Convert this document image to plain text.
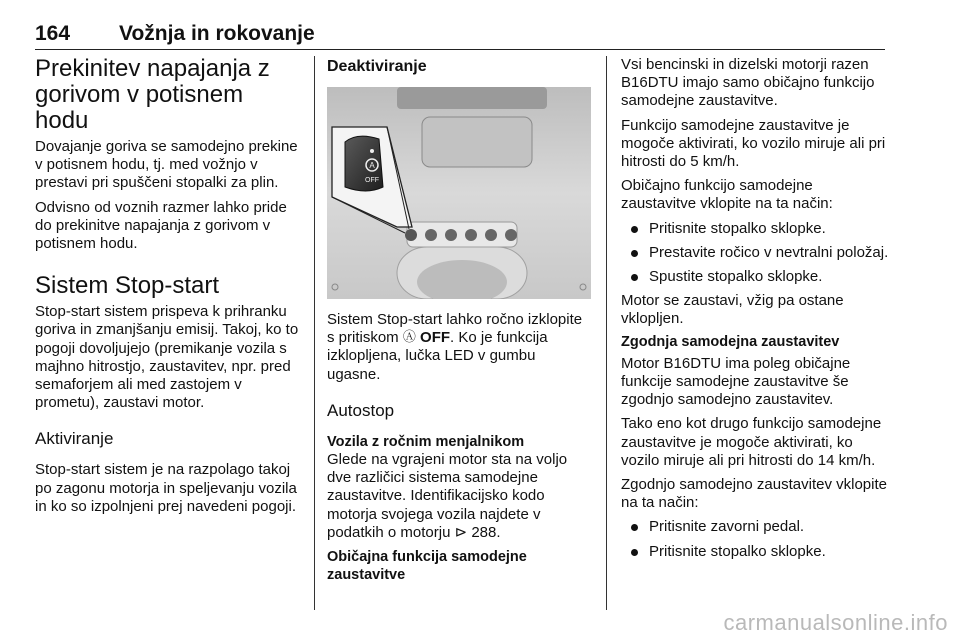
164 Vožnja in rokovanje
Prekinitev napajanja z gorivom v potisnem hodu

Dovajanje goriva se samodejno prekine v potisnem hodu, tj. med vožnjo v prestavi pri spuščeni stopalki za plin.

Odvisno od voznih razmer lahko pride do prekinitve napajanja z gorivom v potisnem hodu.

Sistem Stop-start

Stop-start sistem prispeva k prihranku goriva in zmanjšanju emisij. Takoj, ko to pogoji dovoljujejo (premikanje vozila s majhno hitrostjo, zaustavitev, npr. pred semaforjem ali med zastojem v prometu), zaustavi motor.

Aktiviranje

Stop-start sistem je na razpolago takoj po zagonu motorja in speljevanju vozila in ko so izpolnjeni prej navedeni pogoji.

Deaktiviranje
A
OFF

Sistem Stop-start lahko ročno izklopite s pritiskom Ⓐ OFF. Ko je funkcija izklopljena, lučka LED v gumbu ugasne.

Autostop

Vozila z ročnim menjalnikom

Glede na vgrajeni motor sta na voljo dve različici sistema samodejne zaustavitve. Identifikacijsko kodo motorja svojega vozila najdete v podatkih o motorju ⊳ 288.

Običajna funkcija samodejne zaustavitve

Vsi bencinski in dizelski motorji razen B16DTU imajo samo običajno funkcijo samodejne zaustavitve.

Funkcijo samodejne zaustavitve je mogoče aktivirati, ko vozilo miruje ali pri hitrosti do 5 km/h.

Običajno funkcijo samodejne zaustavitve vklopite na ta način:

Pritisnite stopalko sklopke.
Prestavite ročico v nevtralni položaj.
Spustite stopalko sklopke.

Motor se zaustavi, vžig pa ostane vklopljen.

Zgodnja samodejna zaustavitev

Motor B16DTU ima poleg običajne funkcije samodejne zaustavitve še zgodnjo samodejno zaustavitev.

Tako eno kot drugo funkcijo samodejne zaustavitve je mogoče aktivirati, ko vozilo miruje ali pri hitrosti do 14 km/h.

Zgodnjo samodejno zaustavitev vklopite na ta način:

Pritisnite zavorni pedal.
Pritisnite stopalko sklopke.
carmanualsonline.info
